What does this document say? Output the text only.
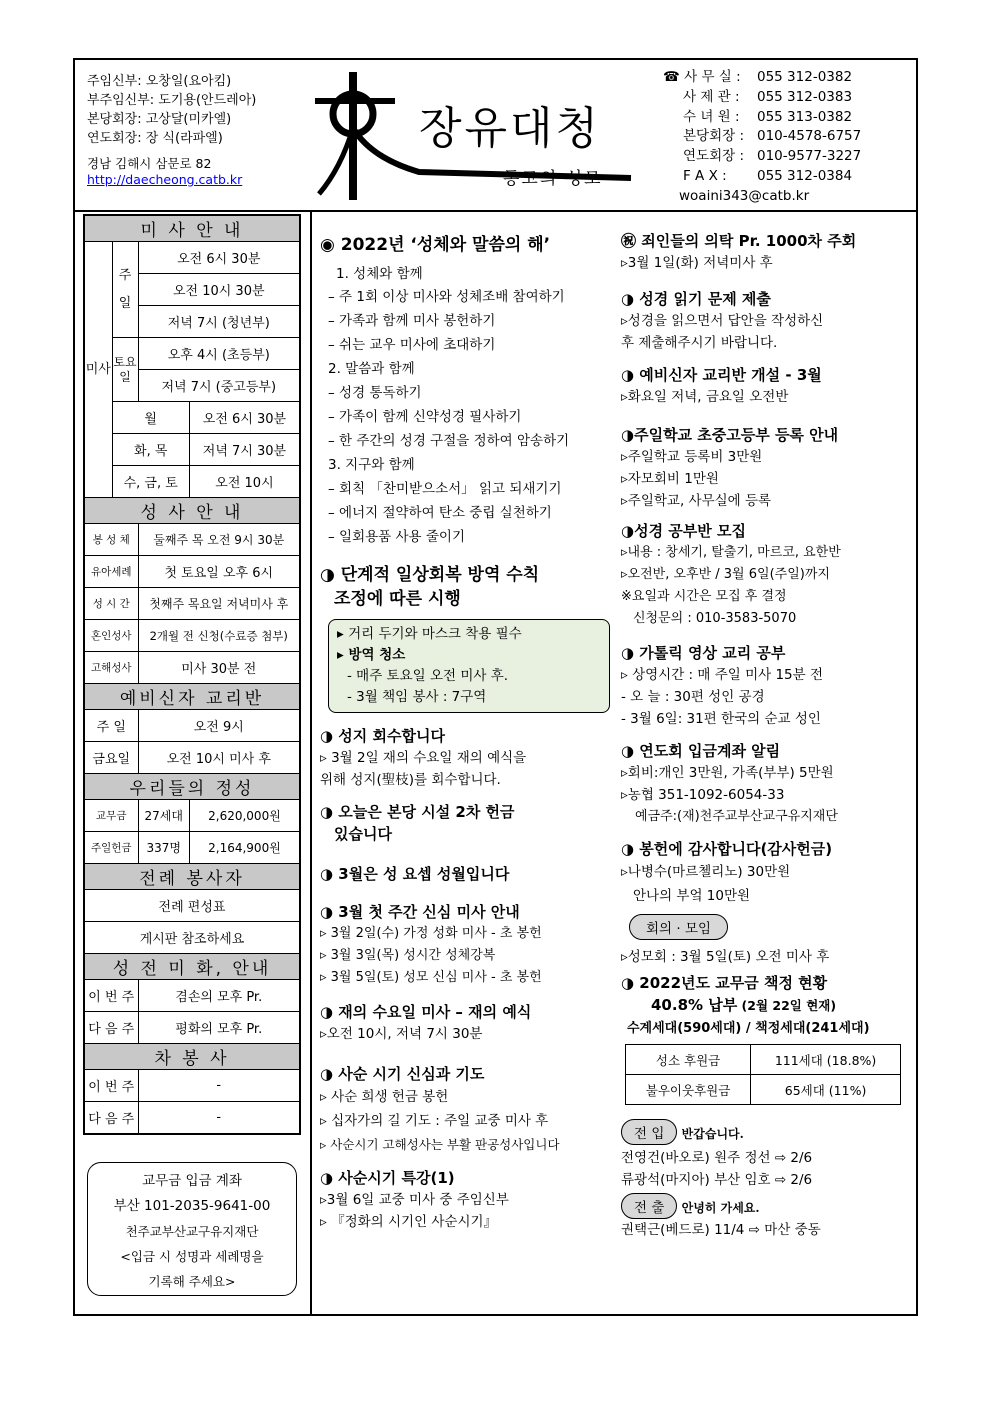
주임신부: 오창일(요아킴)
부주임신부: 도기용(안드레아)
본당회장: 고상달(미카엘)
연도회장: 장 식(라파엘)
경남 김해시 삼문로 82
http://daecheong.catb.kr
장유대청
통고의 성모
☎ 사 무 실 : 055 312-0382
사 제 관 : 055 312-0383
수 녀 원 : 055 313-0382
본당회장 : 010-4578-6757
연도회장 : 010-9577-3227
F A X : 055 312-0384
woaini343@catb.kr
미 사 안 내			
미사	주일	오전 6시 30분	
		오전 10시 30분	
		저녁 7시 (청년부)	
	토요일	오후 4시 (초등부)	
		저녁 7시 (중고등부)	
	월		오전 6시 30분
	화, 목		저녁 7시 30분
	수, 금, 토		오전 10시
성 사 안 내			
봉 성 체		둘째주 목 오전 9시 30분	
유아세례		첫 토요일 오후 6시	
성 시 간		첫째주 목요일 저녁미사 후	
혼인성사		2개월 전 신청(수료증 첨부)	
고해성사		미사 30분 전	
예비신자 교리반			
주 일		오전 9시	
금요일		오전 10시 미사 후	
우리들의 정성			
교무금		27세대	2,620,000원
주일헌금		337명	2,164,900원
전례 봉사자			
전례 편성표			
게시판 참조하세요			
성 전 미 화, 안내			
이 번 주		겸손의 모후 Pr.	
다 음 주		평화의 모후 Pr.	
차 봉 사			
이 번 주		-	
다 음 주		-	
교무금 입금 계좌
부산 101-2035-9641-00
천주교부산교구유지재단
<입금 시 성명과 세례명을
기록해 주세요>
◉ 2022년 ‘성체와 말씀의 해’
1. 성체와 함께
– 주 1회 이상 미사와 성체조배 참여하기
– 가족과 함께 미사 봉헌하기
– 쉬는 교우 미사에 초대하기
2. 말씀과 함께
– 성경 통독하기
– 가족이 함께 신약성경 필사하기
– 한 주간의 성경 구절을 정하여 암송하기
3. 지구와 함께
– 회칙 「찬미받으소서」 읽고 되새기기
– 에너지 절약하여 탄소 중립 실천하기
– 일회용품 사용 줄이기
◑ 단계적 일상회복 방역 수칙
조정에 따른 시행
▸ 거리 두기와 마스크 착용 필수
▸ 방역 청소
- 매주 토요일 오전 미사 후.
- 3월 책임 봉사 : 7구역
◑ 성지 회수합니다
▹ 3월 2일 재의 수요일 재의 예식을
위해 성지(聖枝)를 회수합니다.
◑ 오늘은 본당 시설 2차 헌금
있습니다
◑ 3월은 성 요셉 성월입니다
◑ 3월 첫 주간 신심 미사 안내
▹ 3월 2일(수) 가정 성화 미사 - 초 봉헌
▹ 3월 3일(목) 성시간 성체강복
▹ 3월 5일(토) 성모 신심 미사 - 초 봉헌
◑ 재의 수요일 미사 – 재의 예식
▹오전 10시, 저녁 7시 30분
◑ 사순 시기 신심과 기도
▹ 사순 희생 헌금 봉헌
▹ 십자가의 길 기도 : 주일 교중 미사 후
▹ 사순시기 고해성사는 부활 판공성사입니다
◑ 사순시기 특강(1)
▹3월 6일 교중 미사 중 주임신부
▹ 『정화의 시기인 사순시기』
㊗ 죄인들의 의탁 Pr. 1000차 주회
▹3월 1일(화) 저녁미사 후
◑ 성경 읽기 문제 제출
▹성경을 읽으면서 답안을 작성하신
후 제출해주시기 바랍니다.
◑ 예비신자 교리반 개설 - 3월
▹화요일 저녁, 금요일 오전반
◑주일학교 초중고등부 등록 안내
▹주일학교 등록비 3만원
▹자모회비 1만원
▹주일학교, 사무실에 등록
◑성경 공부반 모집
▹내용 : 창세기, 탈출기, 마르코, 요한반
▹오전반, 오후반 / 3월 6일(주일)까지
※요일과 시간은 모집 후 결정
신청문의 : 010-3583-5070
◑ 가톨릭 영상 교리 공부
▹ 상영시간 : 매 주일 미사 15분 전
- 오 늘 : 30편 성인 공경
- 3월 6일: 31편 한국의 순교 성인
◑ 연도회 입금계좌 알림
▹회비:개인 3만원, 가족(부부) 5만원
▹농협 351-1092-6054-33
예금주:(재)천주교부산교구유지재단
◑ 봉헌에 감사합니다(감사헌금)
▹나병수(마르첼리노) 30만원
안나의 부엌 10만원
회의 · 모임
▹성모회 : 3월 5일(토) 오전 미사 후
◑ 2022년도 교무금 책정 현황
40.8% 납부 (2월 22일 현재)
수계세대(590세대) / 책정세대(241세대)
성소 후원금	111세대 (18.8%)
불우이웃후원금	65세대 (11%)
전 입 반갑습니다.
전영건(바오로) 원주 정선 ⇨ 2/6
류광석(마지아) 부산 임호 ⇨ 2/6
전 출 안녕히 가세요.
권택근(베드로) 11/4 ⇨ 마산 중동
